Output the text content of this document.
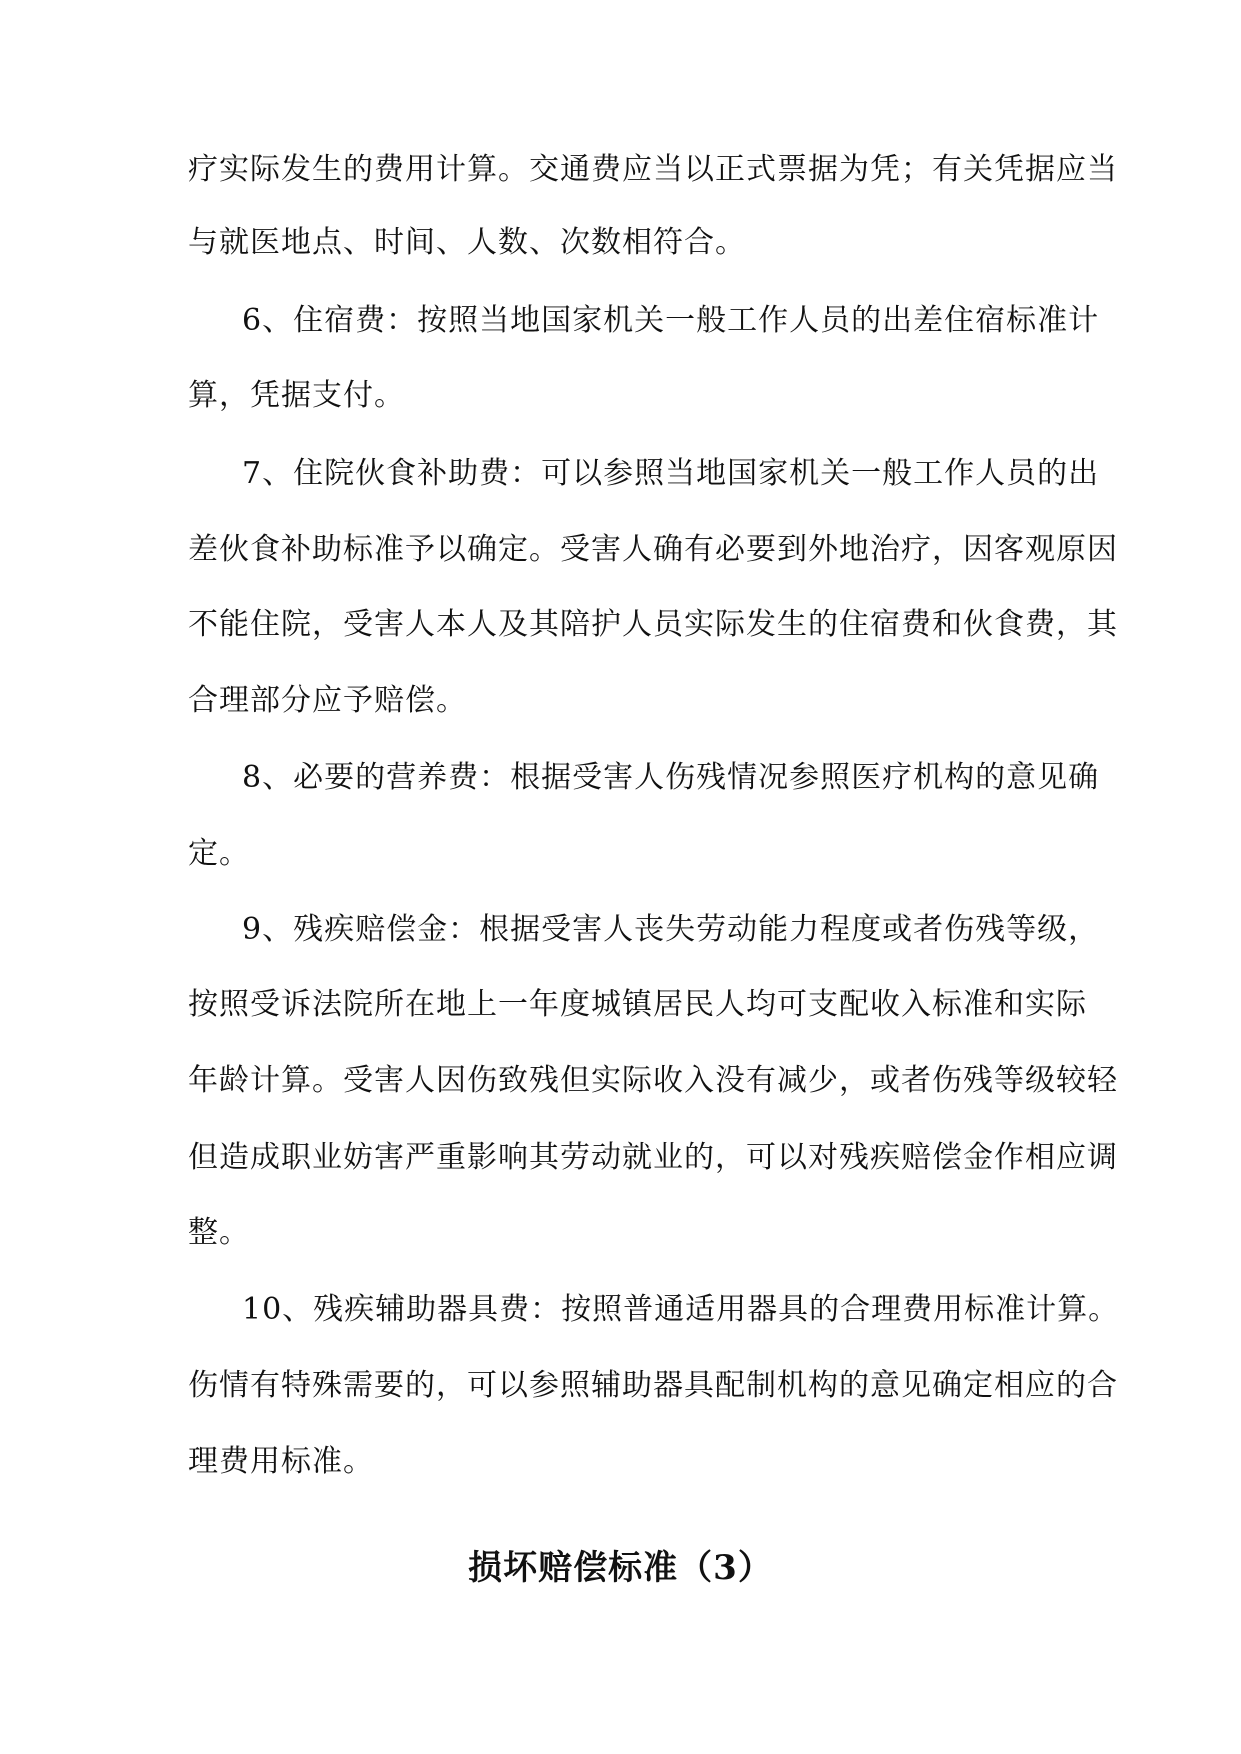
疗实际发生的费用计算。交通费应当以正式票据为凭；有关凭据应当
与就医地点、时间、人数、次数相符合。
6、住宿费：按照当地国家机关一般工作人员的出差住宿标准计
算，凭据支付。
7、住院伙食补助费：可以参照当地国家机关一般工作人员的出
差伙食补助标准予以确定。受害人确有必要到外地治疗，因客观原因
不能住院，受害人本人及其陪护人员实际发生的住宿费和伙食费，其
合理部分应予赔偿。
8、必要的营养费：根据受害人伤残情况参照医疗机构的意见确
定。
9、残疾赔偿金：根据受害人丧失劳动能力程度或者伤残等级，
按照受诉法院所在地上一年度城镇居民人均可支配收入标准和实际
年龄计算。受害人因伤致残但实际收入没有减少，或者伤残等级较轻
但造成职业妨害严重影响其劳动就业的，可以对残疾赔偿金作相应调
整。
10、残疾辅助器具费：按照普通适用器具的合理费用标准计算。
伤情有特殊需要的，可以参照辅助器具配制机构的意见确定相应的合
理费用标准。
损坏赔偿标准（3）
